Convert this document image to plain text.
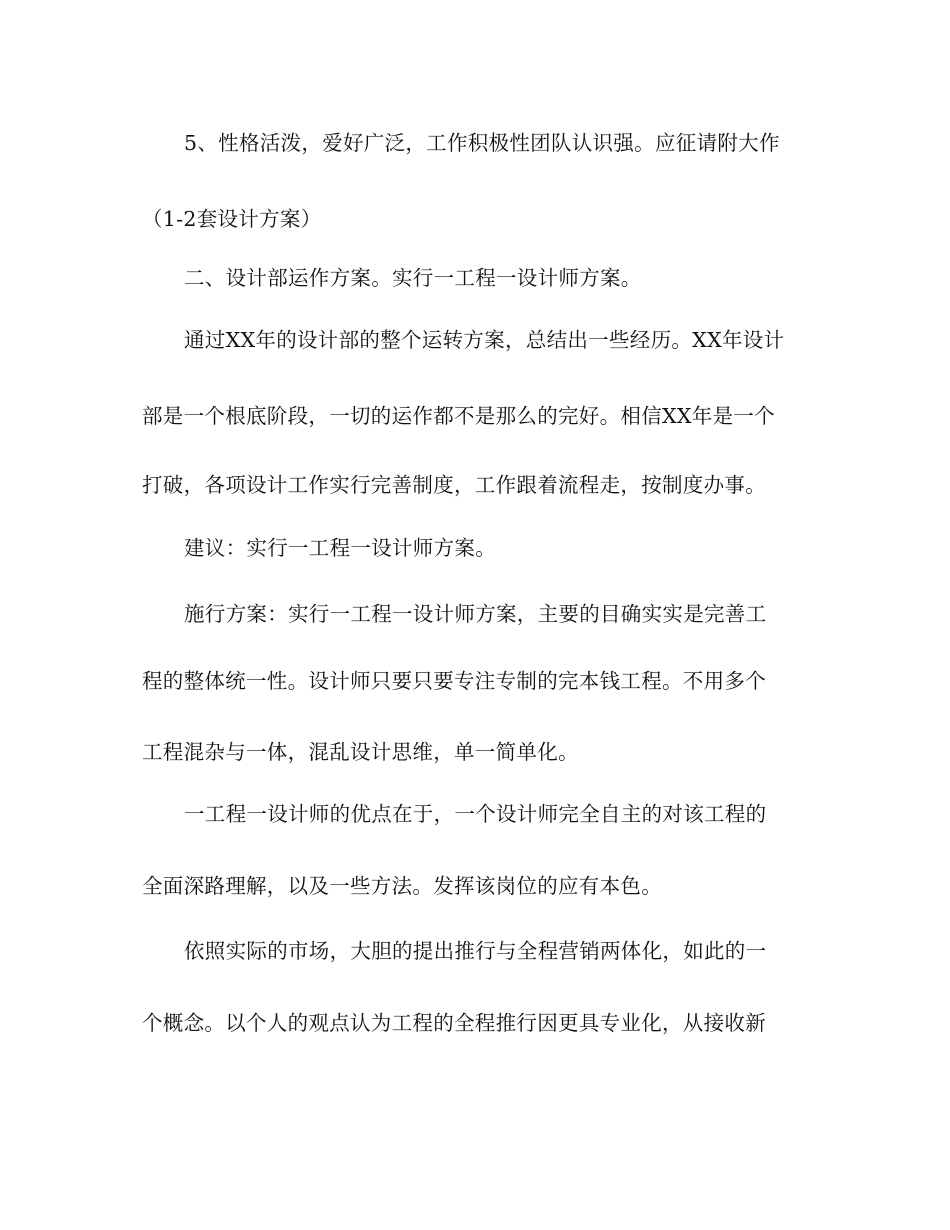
5、性格活泼，爱好广泛，工作积极性团队认识强。应征请附大作
（1-2套设计方案）
二、设计部运作方案。实行一工程一设计师方案。
通过XX年的设计部的整个运转方案，总结出一些经历。XX年设计
部是一个根底阶段，一切的运作都不是那么的完好。相信XX年是一个
打破，各项设计工作实行完善制度，工作跟着流程走，按制度办事。
建议：实行一工程一设计师方案。
施行方案：实行一工程一设计师方案，主要的目确实实是完善工
程的整体统一性。设计师只要只要专注专制的完本钱工程。不用多个
工程混杂与一体，混乱设计思维，单一简单化。
一工程一设计师的优点在于，一个设计师完全自主的对该工程的
全面深路理解，以及一些方法。发挥该岗位的应有本色。
依照实际的市场，大胆的提出推行与全程营销两体化，如此的一
个概念。以个人的观点认为工程的全程推行因更具专业化，从接收新
